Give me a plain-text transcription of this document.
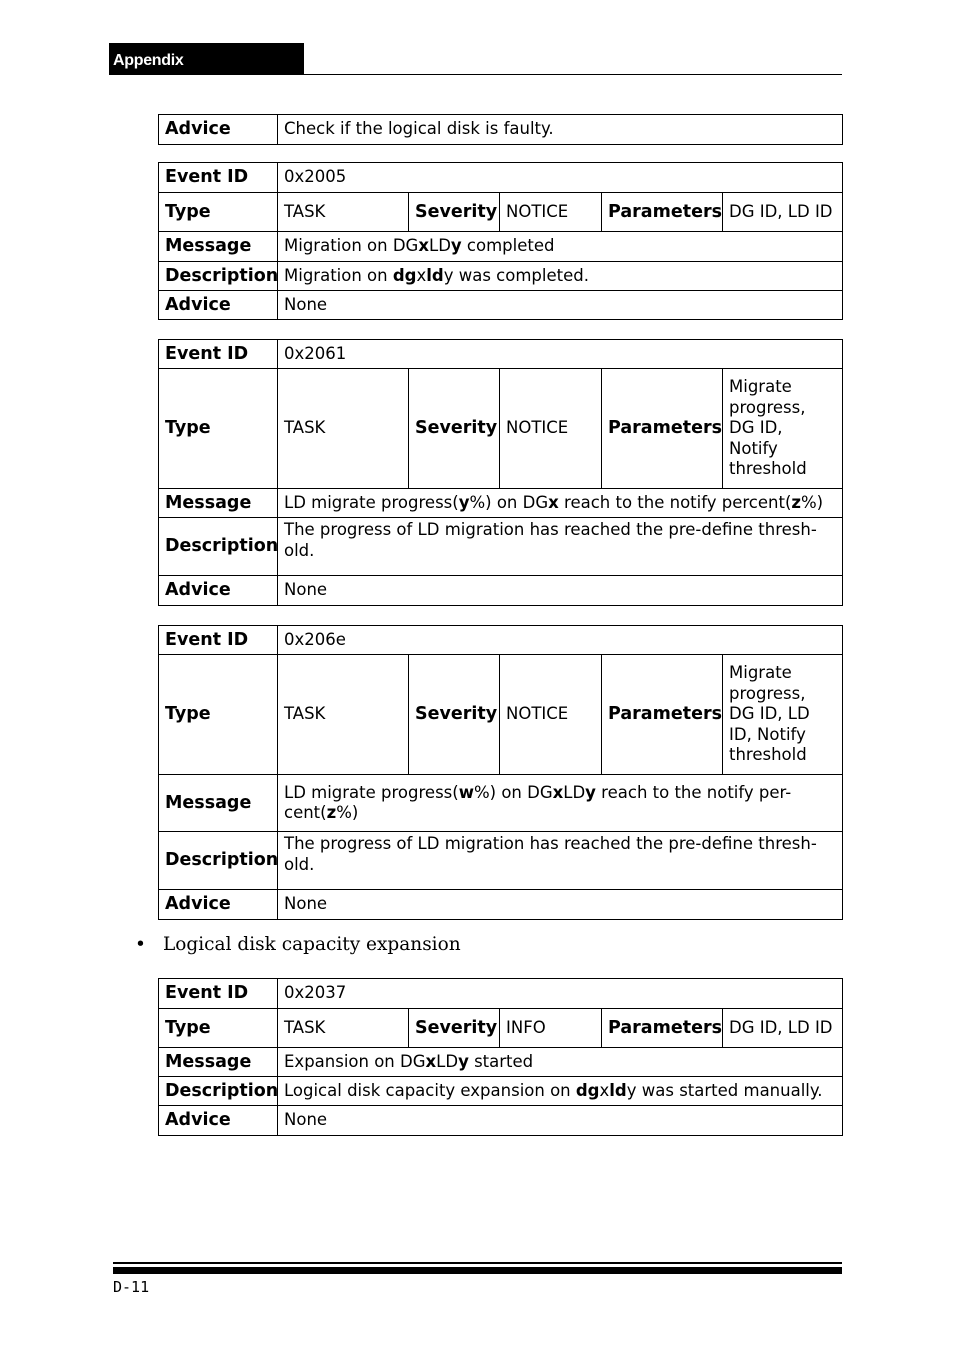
Appendix
Advice	Check if the logical disk is faulty.
Event ID	0x2005				
Type	TASK	Severity	NOTICE	Parameters	DG ID, LD ID
Message	Migration on DGxLDy completed				
Description	Migration on dgxldy was completed.				
Advice	None				
Event ID	0x2061				
Type	TASK	Severity	NOTICE	Parameters	Migrate progress, DG ID, Notify threshold
Message	LD migrate progress(y%) on DGx reach to the notify percent(z%)				
Description	The progress of LD migration has reached the pre-define thresh-old.				
Advice	None				
Event ID	0x206e				
Type	TASK	Severity	NOTICE	Parameters	Migrate progress, DG ID, LD ID, Notify threshold
Message	LD migrate progress(w%) on DGxLDy reach to the notify per-cent(z%)				
Description	The progress of LD migration has reached the pre-define thresh-old.				
Advice	None				
• Logical disk capacity expansion
Event ID	0x2037				
Type	TASK	Severity	INFO	Parameters	DG ID, LD ID
Message	Expansion on DGxLDy started				
Description	Logical disk capacity expansion on dgxldy was started manually.				
Advice	None				
D-11
